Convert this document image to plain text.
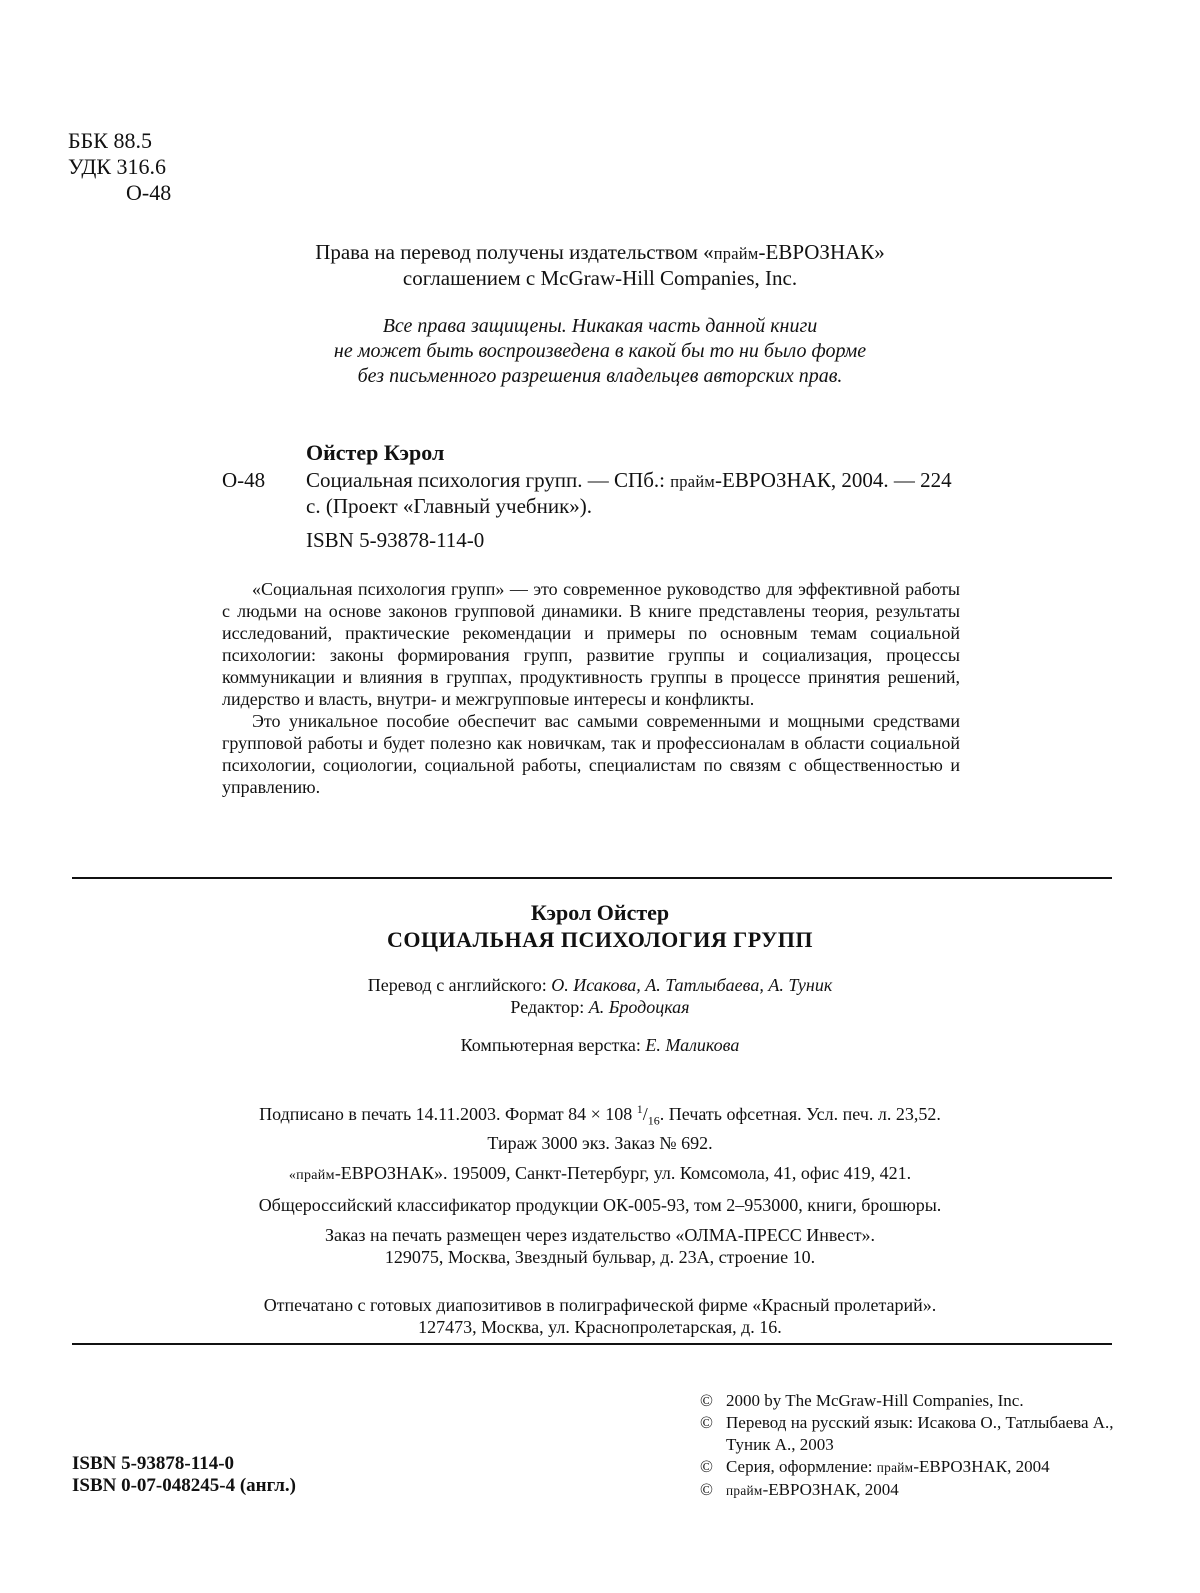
ББК 88.5
УДК 316.6
О-48
Права на перевод получены издательством «прайм-ЕВРОЗНАК»
соглашением с McGraw-Hill Companies, Inc.
Все права защищены. Никакая часть данной книги
не может быть воспроизведена в какой бы то ни было форме
без письменного разрешения владельцев авторских прав.
Ойстер Кэрол
О-48 Социальная психология групп. — СПб.: прайм-ЕВРОЗНАК, 2004. — 224 с. (Проект «Главный учебник»).
ISBN 5-93878-114-0

«Социальная психология групп» — это современное руководство для эффективной работы с людьми на основе законов групповой динамики. В книге представлены теория, результаты исследований, практические рекомендации и примеры по основным темам социальной психологии: законы формирования групп, развитие группы и социализация, процессы коммуникации и влияния в группах, продуктивность группы в процессе принятия решений, лидерство и власть, внутри- и межгрупповые интересы и конфликты.

Это уникальное пособие обеспечит вас самыми современными и мощными средствами групповой работы и будет полезно как новичкам, так и профессионалам в области социальной психологии, социологии, социальной работы, специалистам по связям с общественностью и управлению.

Кэрол Ойстер
СОЦИАЛЬНАЯ ПСИХОЛОГИЯ ГРУПП
Перевод с английского: О. Исакова, А. Татлыбаева, А. Туник
Редактор: А. Бродоцкая
Компьютерная верстка: Е. Маликова
Подписано в печать 14.11.2003. Формат 84 × 108 $^1/_{16}$. Печать офсетная. Усл. печ. л. 23,52.
Тираж 3000 экз. Заказ № 692.
«прайм-ЕВРОЗНАК». 195009, Санкт-Петербург, ул. Комсомола, 41, офис 419, 421.
Общероссийский классификатор продукции ОК-005-93, том 2–953000, книги, брошюры.
Заказ на печать размещен через издательство «ОЛМА-ПРЕСС Инвест».
129075, Москва, Звездный бульвар, д. 23А, строение 10.
Отпечатано с готовых диапозитивов в полиграфической фирме «Красный пролетарий».
127473, Москва, ул. Краснопролетарская, д. 16.
ISBN 5-93878-114-0
ISBN 0-07-048245-4 (англ.)
© 2000 by The McGraw-Hill Companies, Inc.
© Перевод на русский язык: Исакова О., Татлыбаева А., Туник А., 2003
© Серия, оформление: прайм-ЕВРОЗНАК, 2004
© прайм-ЕВРОЗНАК, 2004
